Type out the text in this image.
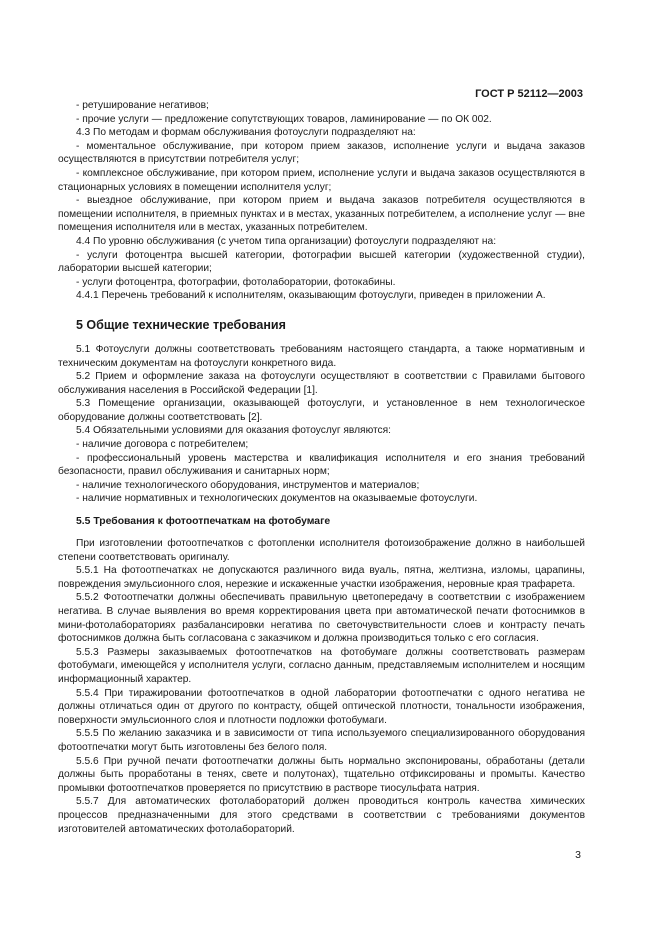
ГОСТ Р 52112—2003

- ретуширование негативов;

- прочие услуги — предложение сопутствующих товаров, ламинирование — по ОК 002.

4.3 По методам и формам обслуживания фотоуслуги подразделяют на:

- моментальное обслуживание, при котором прием заказов, исполнение услуги и выдача заказов осуществляются в присутствии потребителя услуг;

- комплексное обслуживание, при котором прием, исполнение услуги и выдача заказов осуществляются в стационарных условиях в помещении исполнителя услуг;

- выездное обслуживание, при котором прием и выдача заказов потребителя осуществляются в помещении исполнителя, в приемных пунктах и в местах, указанных потребителем, а исполнение услуг — вне помещения исполнителя или в местах, указанных потребителем.

4.4 По уровню обслуживания (с учетом типа организации) фотоуслуги подразделяют на:

- услуги фотоцентра высшей категории, фотографии высшей категории (художественной студии), лаборатории высшей категории;

- услуги фотоцентра, фотографии, фотолаборатории, фотокабины.

4.4.1 Перечень требований к исполнителям, оказывающим фотоуслуги, приведен в приложении А.

5 Общие технические требования

5.1 Фотоуслуги должны соответствовать требованиям настоящего стандарта, а также нормативным и техническим документам на фотоуслуги конкретного вида.

5.2 Прием и оформление заказа на фотоуслуги осуществляют в соответствии с Правилами бытового обслуживания населения в Российской Федерации [1].

5.3 Помещение организации, оказывающей фотоуслуги, и установленное в нем технологическое оборудование должны соответствовать [2].

5.4 Обязательными условиями для оказания фотоуслуг являются:

- наличие договора с потребителем;

- профессиональный уровень мастерства и квалификация исполнителя и его знания требований безопасности, правил обслуживания и санитарных норм;

- наличие технологического оборудования, инструментов и материалов;

- наличие нормативных и технологических документов на оказываемые фотоуслуги.

5.5 Требования к фотоотпечаткам на фотобумаге

При изготовлении фотоотпечатков с фотопленки исполнителя фотоизображение должно в наибольшей степени соответствовать оригиналу.

5.5.1 На фотоотпечатках не допускаются различного вида вуаль, пятна, желтизна, изломы, царапины, повреждения эмульсионного слоя, нерезкие и искаженные участки изображения, неровные края трафарета.

5.5.2 Фотоотпечатки должны обеспечивать правильную цветопередачу в соответствии с изображением негатива. В случае выявления во время корректирования цвета при автоматической печати фотоснимков в мини-фотолабораториях разбалансировки негатива по светочувствительности слоев и контрасту печать фотоснимков должна быть согласована с заказчиком и должна производиться только с его согласия.

5.5.3 Размеры заказываемых фотоотпечатков на фотобумаге должны соответствовать размерам фотобумаги, имеющейся у исполнителя услуги, согласно данным, представляемым исполнителем и носящим информационный характер.

5.5.4 При тиражировании фотоотпечатков в одной лаборатории фотоотпечатки с одного негатива не должны отличаться один от другого по контрасту, общей оптической плотности, тональности изображения, поверхности эмульсионного слоя и плотности подложки фотобумаги.

5.5.5 По желанию заказчика и в зависимости от типа используемого специализированного оборудования фотоотпечатки могут быть изготовлены без белого поля.

5.5.6 При ручной печати фотоотпечатки должны быть нормально экспонированы, обработаны (детали должны быть проработаны в тенях, свете и полутонах), тщательно отфиксированы и промыты. Качество промывки фотоотпечатков проверяется по присутствию в растворе тиосульфата натрия.

5.5.7 Для автоматических фотолабораторий должен проводиться контроль качества химических процессов предназначенными для этого средствами в соответствии с требованиями документов изготовителей автоматических фотолабораторий.

3
